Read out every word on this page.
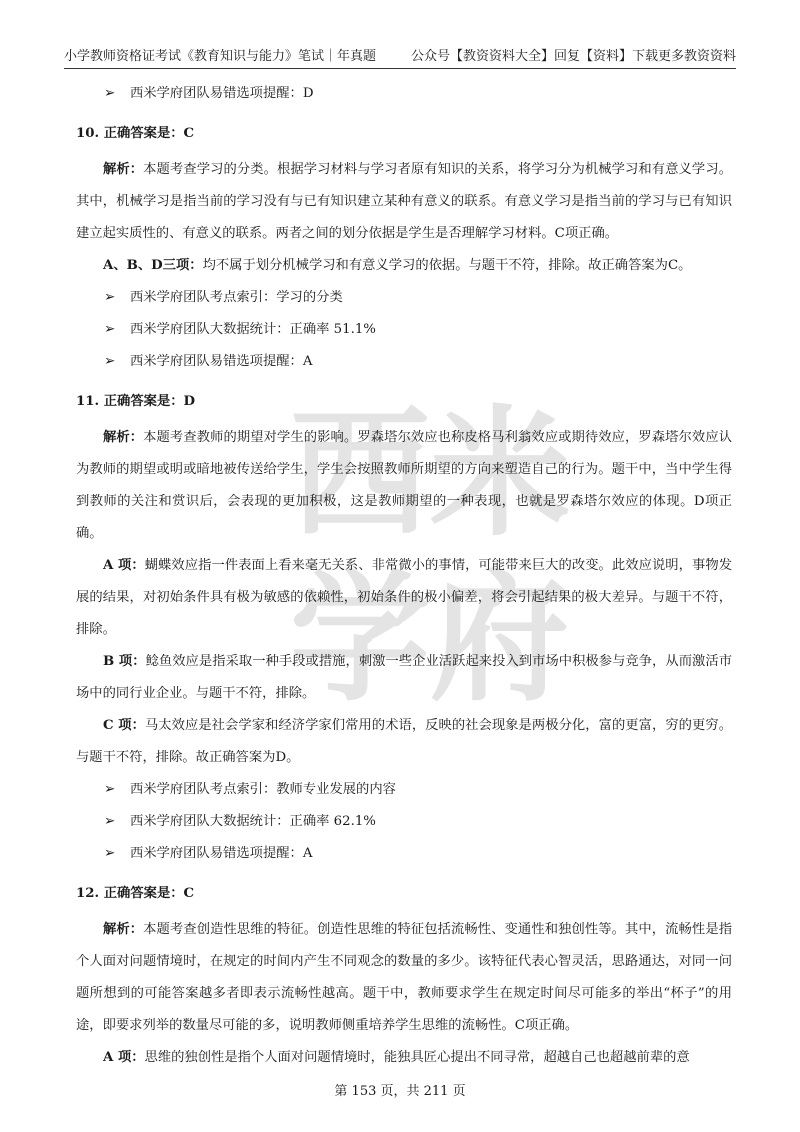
小学教师资格证考试《教育知识与能力》笔试｜年真题	公众号【教资资料大全】回复【资料】下载更多教资资料
西 米
学 府
➢	西米学府团队易错选项提醒：D
10. 正确答案是：C

解析：本题考查学习的分类。根据学习材料与学习者原有知识的关系，将学习分为机械学习和有意义学习。其中，机械学习是指当前的学习没有与已有知识建立某种有意义的联系。有意义学习是指当前的学习与已有知识建立起实质性的、有意义的联系。两者之间的划分依据是学生是否理解学习材料。C项正确。

A、B、D三项：均不属于划分机械学习和有意义学习的依据。与题干不符，排除。故正确答案为C。

➢	西米学府团队考点索引：学习的分类
➢	西米学府团队大数据统计：正确率 51.1%
➢	西米学府团队易错选项提醒：A
11. 正确答案是：D

解析：本题考查教师的期望对学生的影响。罗森塔尔效应也称皮格马利翁效应或期待效应，罗森塔尔效应认为教师的期望或明或暗地被传送给学生，学生会按照教师所期望的方向来塑造自己的行为。题干中，当中学生得到教师的关注和赏识后，会表现的更加积极，这是教师期望的一种表现，也就是罗森塔尔效应的体现。D项正确。

A 项：蝴蝶效应指一件表面上看来毫无关系、非常微小的事情，可能带来巨大的改变。此效应说明，事物发展的结果，对初始条件具有极为敏感的依赖性，初始条件的极小偏差，将会引起结果的极大差异。与题干不符，排除。

B 项：鲶鱼效应是指采取一种手段或措施，刺激一些企业活跃起来投入到市场中积极参与竞争，从而激活市场中的同行业企业。与题干不符，排除。

C 项：马太效应是社会学家和经济学家们常用的术语，反映的社会现象是两极分化，富的更富，穷的更穷。与题干不符，排除。故正确答案为D。

➢	西米学府团队考点索引：教师专业发展的内容
➢	西米学府团队大数据统计：正确率 62.1%
➢	西米学府团队易错选项提醒：A
12. 正确答案是：C

解析：本题考查创造性思维的特征。创造性思维的特征包括流畅性、变通性和独创性等。其中，流畅性是指个人面对问题情境时，在规定的时间内产生不同观念的数量的多少。该特征代表心智灵活，思路通达，对同一问题所想到的可能答案越多者即表示流畅性越高。题干中，教师要求学生在规定时间尽可能多的举出“杯子”的用途，即要求列举的数量尽可能的多，说明教师侧重培养学生思维的流畅性。C项正确。

A 项：思维的独创性是指个人面对问题情境时，能独具匠心提出不同寻常，超越自己也超越前辈的意

第 153 页，共 211 页
